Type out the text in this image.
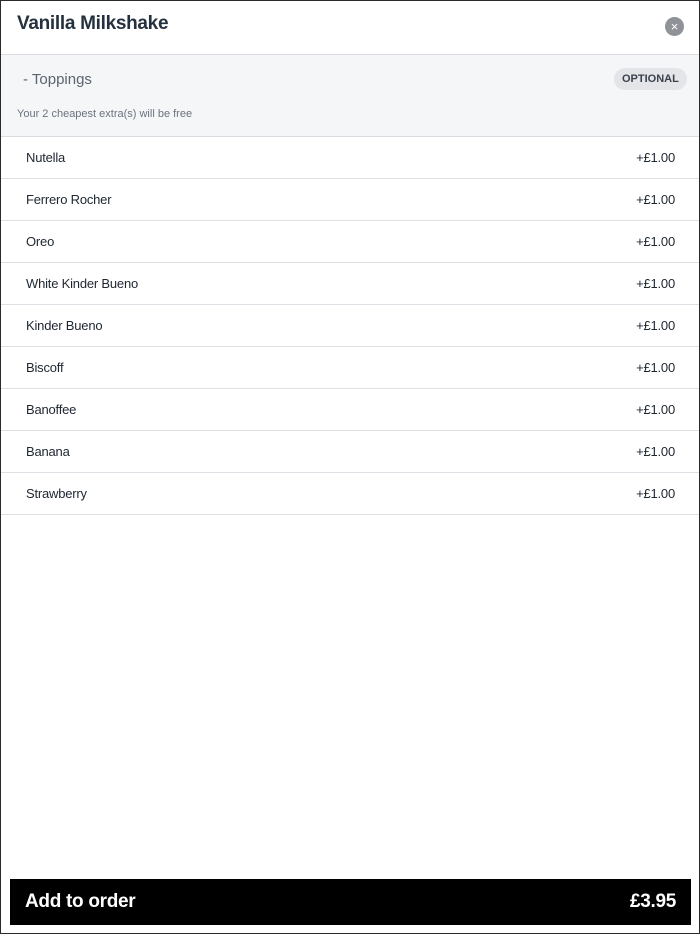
Vanilla Milkshake	×
- Toppings	OPTIONAL
Your 2 cheapest extra(s) will be free
Nutella	+£1.00
Ferrero Rocher	+£1.00
Oreo	+£1.00
White Kinder Bueno	+£1.00
Kinder Bueno	+£1.00
Biscoff	+£1.00
Banoffee	+£1.00
Banana	+£1.00
Strawberry	+£1.00
Add to order	£3.95
